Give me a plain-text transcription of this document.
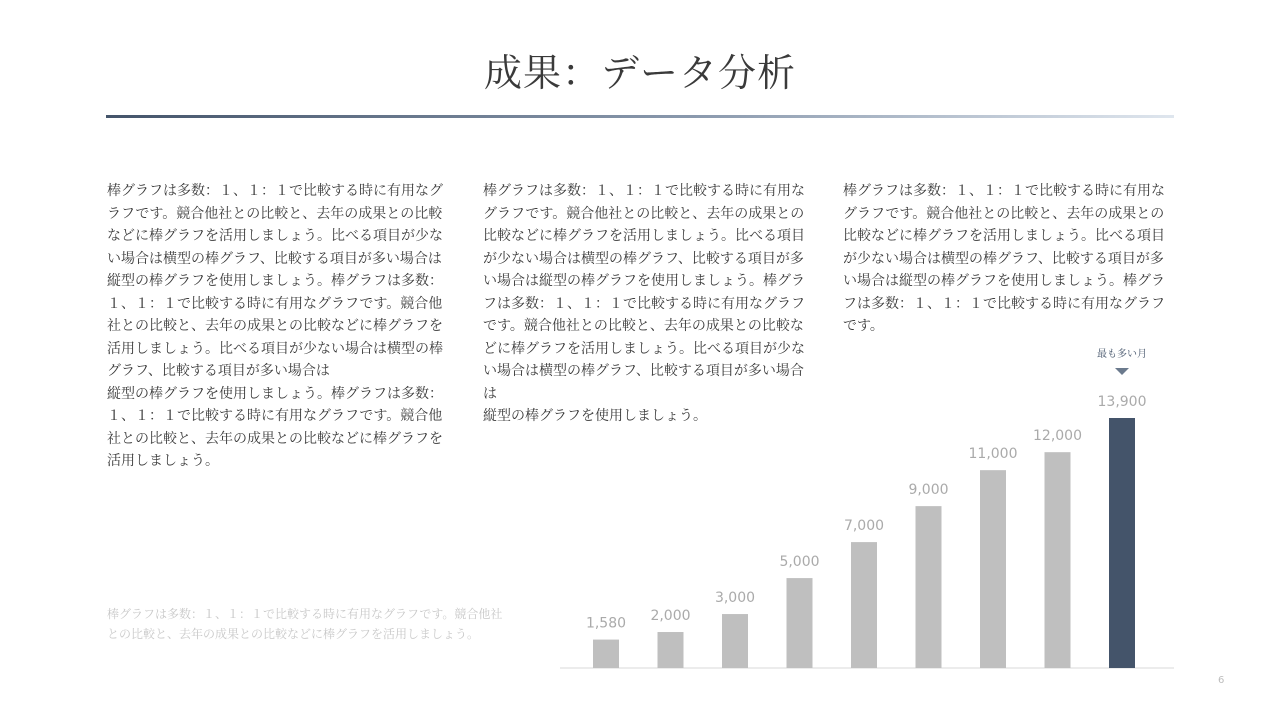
成果：データ分析
棒グラフは多数：１、１：１で比較する時に有用なグラフです。競合他社との比較と、去年の成果との比較などに棒グラフを活用しましょう。比べる項目が少ない場合は横型の棒グラフ、比較する項目が多い場合は縦型の棒グラフを使用しましょう。棒グラフは多数：１、１：１で比較する時に有用なグラフです。競合他社との比較と、去年の成果との比較などに棒グラフを活用しましょう。比べる項目が少ない場合は横型の棒グラフ、比較する項目が多い場合は
縦型の棒グラフを使用しましょう。棒グラフは多数：１、１：１で比較する時に有用なグラフです。競合他社との比較と、去年の成果との比較などに棒グラフを活用しましょう。
棒グラフは多数：１、１：１で比較する時に有用なグラフです。競合他社との比較と、去年の成果との比較などに棒グラフを活用しましょう。比べる項目が少ない場合は横型の棒グラフ、比較する項目が多い場合は縦型の棒グラフを使用しましょう。棒グラフは多数：１、１：１で比較する時に有用なグラフです。競合他社との比較と、去年の成果との比較などに棒グラフを活用しましょう。比べる項目が少ない場合は横型の棒グラフ、比較する項目が多い場合は
縦型の棒グラフを使用しましょう。
棒グラフは多数：１、１：１で比較する時に有用なグラフです。競合他社との比較と、去年の成果との比較などに棒グラフを活用しましょう。比べる項目が少ない場合は横型の棒グラフ、比較する項目が多い場合は縦型の棒グラフを使用しましょう。棒グラフは多数：１、１：１で比較する時に有用なグラフです。
棒グラフは多数：１、１：１で比較する時に有用なグラフです。競合他社
との比較と、去年の成果との比較などに棒グラフを活用しましょう。
1,580 2,000
3,000
5,000
7,000
9,000
11,000
12,000
13,900
最も多い月
6
